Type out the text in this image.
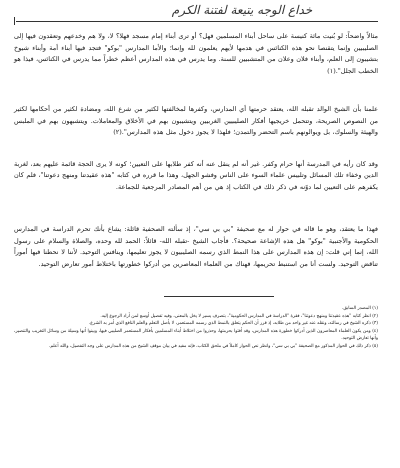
خداع الوجه يتيعة لفتنة الكرم

مثالاً واضحاً: لو بُنيت مائة كنيسة على ساحل أبناء المسلمين فهل؟ أو ترى أبناء إمام مسجد فهلا؟ لا، ولا هم وخدعهم وتعقدون فيها إلى الصليبيين وإنما يتقنصا نحو هذه الكنائس في هدمها لأيهم يعلمون لله وإنما؛ والأما المدارس "بوكو" فتجد فيها أبناء أمة وأبناء شيوخ بتشيبون إلى العلم، وأبناء فلان وعلان من المتشبيين للسنة. وما يدرس في هذه المدارس أعظم خطراً مما يدرس في الكنائس، فيذا هو الخطب الجلل".(١)

علمنا بأن الشيخ الوالد تقبله الله، يعتقد حرمتها أي المدارس، وكفرها لمخالفتها لكثير من شرع الله، ومضادة لكثير من أحكامها لكثير من النصوص الصريحة، وتتحمل خريجيها أفكار الصليبيين الغربيين ويتشيبون بهم في الأخلاق والمعاملات. ويتشبهون بهم في الملبس والهيئة والسلوك، بل ويوالونهم باسم التحضر والتمدن؛ فلهذا لا يجوز دخول مثل هذه المدارس".(٢)

وقد كان رأيه في المدرسة أنها حرام وكفر. غير أنه لم ينقل عنه أنه كفر طلابها على التعيين؛ كونه لا يرى الحجة قائمة عليهم بعد، لغربة الدين وخفاء تلك المسائل وتلبيس علماء السوء على الناس وفشو الجهل، وهذا ما قرره في كتابه "هذه عقيدتنا ومنهج دعوتنا"، فلم كان يكفرهم على التعيين لما دوّنه في ذكر ذلك في الكتاب إذ هي من أهم المصادر المرجعية للجماعة.

فهذا ما يعتقد، وهو ما قاله في حوار له مع صحيفة "بي بي سي"، إذ سألته الصحفية قائلة: يشاع بأنك تحرم الدراسة في المدارس الحكومية والأجنبية "بوكو" هل هذه الإشاعة صحيحة؟. فأجاب الشيخ -تقبله الله- قائلاً: الحمد لله وحده، والصلاة والسلام على رسول الله، إنما إني قلت: إن هذه المدارس على هذا النمط الذي رسمه الصليبيون لا يجوز تعليمها، وينافس التوحيد. لأننا لا نحطنا فيها أموراً تناقض التوحيد. ولست أنا من استنبط تحريمها، فهناك من العلماء المعاصرين من أدركوا خطورتها باختلاط أمور تعارض التوحيد.

(١) المصدر السابق.

(٢) انظر كتابه "هذه عقيدتنا ومنهج دعوتنا"، فقرة "الدراسة في المدارس الحكومية"، بتصرف يسير لا يخل بالمعنى، وفيه تفصيل أوسع لمن أراد الرجوع إليه.

(٣) ذكره الشيخ في رسالته، ونقله عنه غير واحد من طلابه، إذ قرر أن الحكم يتعلق بالنمط الذي رسمه المستعمر، لا بأصل التعلم والعلم النافع الذي أمر به الشرع.

(٤) ومن يكون العلماء المعاصرون الذين أدركوا خطورة هذه المدارس، وقد أفتوا بحرمتها، وحذروا من اختلاط أبناء المسلمين بأفكار المستعمر الصليبي فيها، وبينوا أنها وسيلة من وسائل التغريب والتنصير، وأنها تعارض التوحيد.

(٥) ذكر ذلك في الحوار المذكور مع الصحيفة "بي بي سي"، وانظر نص الحوار كاملاً في ملحق الكتاب، فإنه مفيد في بيان موقف الشيخ من هذه المدارس على وجه التفصيل، والله أعلم.
